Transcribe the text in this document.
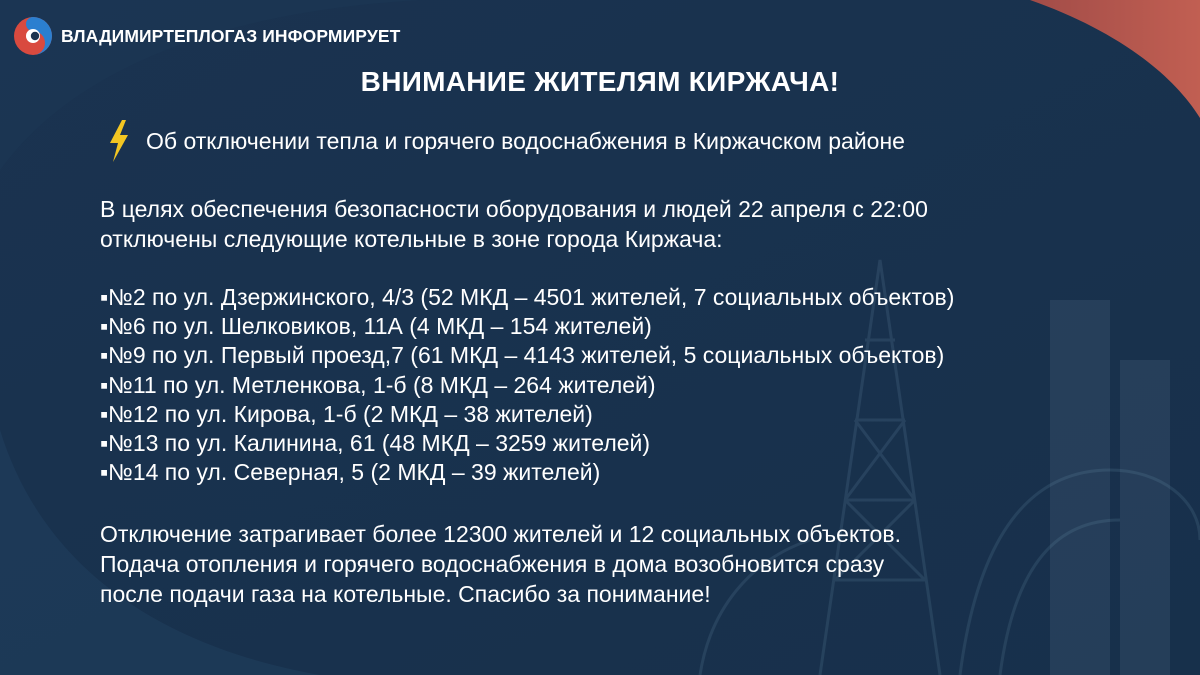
ВЛАДИМИРТЕПЛОГАЗ ИНФОРМИРУЕТ
ВНИМАНИЕ ЖИТЕЛЯМ КИРЖАЧА!
Об отключении тепла и горячего водоснабжения в Киржачском районе
В целях обеспечения безопасности оборудования и людей 22 апреля с 22:00
отключены следующие котельные в зоне города Киржача:
▪№2 по ул. Дзержинского, 4/3 (52 МКД – 4501 жителей, 7 социальных объектов)
▪№6 по ул. Шелковиков, 11А (4 МКД – 154 жителей)
▪№9 по ул. Первый проезд,7 (61 МКД – 4143 жителей, 5 социальных объектов)
▪№11 по ул. Метленкова, 1-б (8 МКД – 264 жителей)
▪№12 по ул. Кирова, 1-б (2 МКД – 38 жителей)
▪№13 по ул. Калинина, 61 (48 МКД – 3259 жителей)
▪№14 по ул. Северная, 5 (2 МКД – 39 жителей)
Отключение затрагивает более 12300 жителей и 12 социальных объектов.
Подача отопления и горячего водоснабжения в дома возобновится сразу
после подачи газа на котельные. Спасибо за понимание!
